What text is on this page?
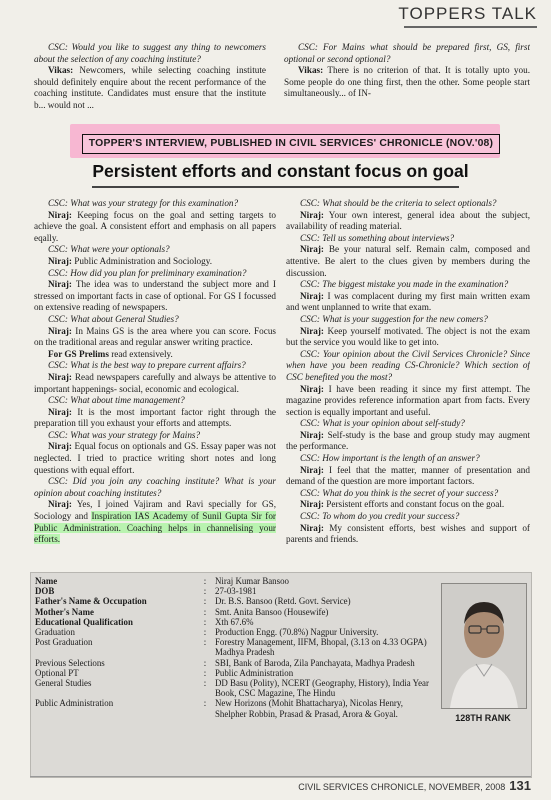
TOPPERS TALK

CSC: Would you like to suggest any thing to newcomers about the selection of any coaching institute?

Vikas: Newcomers, while selecting coaching institute should definitely enquire about the recent performance of the coaching institute. Candidates must ensure that the institute b... would not ...

CSC: For Mains what should be prepared first, GS, first optional or second optional?

Vikas: There is no criterion of that. It is totally upto you. Some people do one thing first, then the other. Some people start simultaneously... of IN-

TOPPER'S INTERVIEW, PUBLISHED IN CIVIL SERVICES' CHRONICLE (NOV.'08)
Persistent efforts and constant focus on goal

CSC: What was your strategy for this examination?

Niraj: Keeping focus on the goal and setting targets to achieve the goal. A consistent effort and emphasis on all papers eqally.

CSC: What were your optionals?

Niraj: Public Administration and Sociology.

CSC: How did you plan for preliminary examination?

Niraj: The idea was to understand the subject more and I stressed on important facts in case of optional. For GS I focussed on extensive reading of newspapers.

CSC: What about General Studies?

Niraj: In Mains GS is the area where you can score. Focus on the traditional areas and regular answer writing practice.

For GS Prelims read extensively.

CSC: What is the best way to prepare current affairs?

Niraj: Read newspapers carefully and always be attentive to important happenings- social, economic and ecological.

CSC: What about time management?

Niraj: It is the most important factor right through the preparation till you exhaust your efforts and attempts.

CSC: What was your strategy for Mains?

Niraj: Equal focus on optionals and GS. Essay paper was not neglected. I tried to practice writing short notes and long questions with equal effort.

CSC: Did you join any coaching institute? What is your opinion about coaching institutes?

Niraj: Yes, I joined Vajiram and Ravi specially for GS, Sociology and Inspiration IAS Academy of Sunil Gupta Sir for Public Administration. Coaching helps in channelising your efforts.

CSC: What should be the criteria to select optionals?

Niraj: Your own interest, general idea about the subject, availability of reading material.

CSC: Tell us something about interviews?

Niraj: Be your natural self. Remain calm, composed and attentive. Be alert to the clues given by members during the discussion.

CSC: The biggest mistake you made in the examination?

Niraj: I was complacent during my first main written exam and went unplanned to write that exam.

CSC: What is your suggestion for the new comers?

Niraj: Keep yourself motivated. The object is not the exam but the service you would like to get into.

CSC: Your opinion about the Civil Services Chronicle? Since when have you been reading CS-Chronicle? Which section of CSC benefited you the most?

Niraj: I have been reading it since my first attempt. The magazine provides reference information apart from facts. Every section is equally important and useful.

CSC: What is your opinion about self-study?

Niraj: Self-study is the base and group study may augment the performance.

CSC: How important is the length of an answer?

Niraj: I feel that the matter, manner of presentation and demand of the question are more important factors.

CSC: What do you think is the secret of your success?

Niraj: Persistent efforts and constant focus on the goal.

CSC: To whom do you credit your success?

Niraj: My consistent efforts, best wishes and support of parents and friends.

Name	: Niraj Kumar Bansoo
DOB	: 27-03-1981
Father's Name & Occupation	: Dr. B.S. Bansoo (Retd. Govt. Service)
Mother's Name	: Smt. Anita Bansoo (Housewife)
Educational Qualification	: Xth 67.6%
Graduation	: Production Engg. (70.8%) Nagpur University.
Post Graduation	: Forestry Management, IIFM, Bhopal, (3.13 on 4.33 OGPA) Madhya Pradesh
Previous Selections	: SBI, Bank of Baroda, Zila Panchayata, Madhya Pradesh
Optional PT	: Public Administration
General Studies	: DD Basu (Polity), NCERT (Geography, History), India Year Book, CSC Magazine, The Hindu
Public Administration	: New Horizons (Mohit Bhattacharya), Nicolas Henry, Shelpher Robbin, Prasad & Prasad, Arora & Goyal.	128TH RANK
CIVIL SERVICES CHRONICLE, NOVEMBER, 2008 131
